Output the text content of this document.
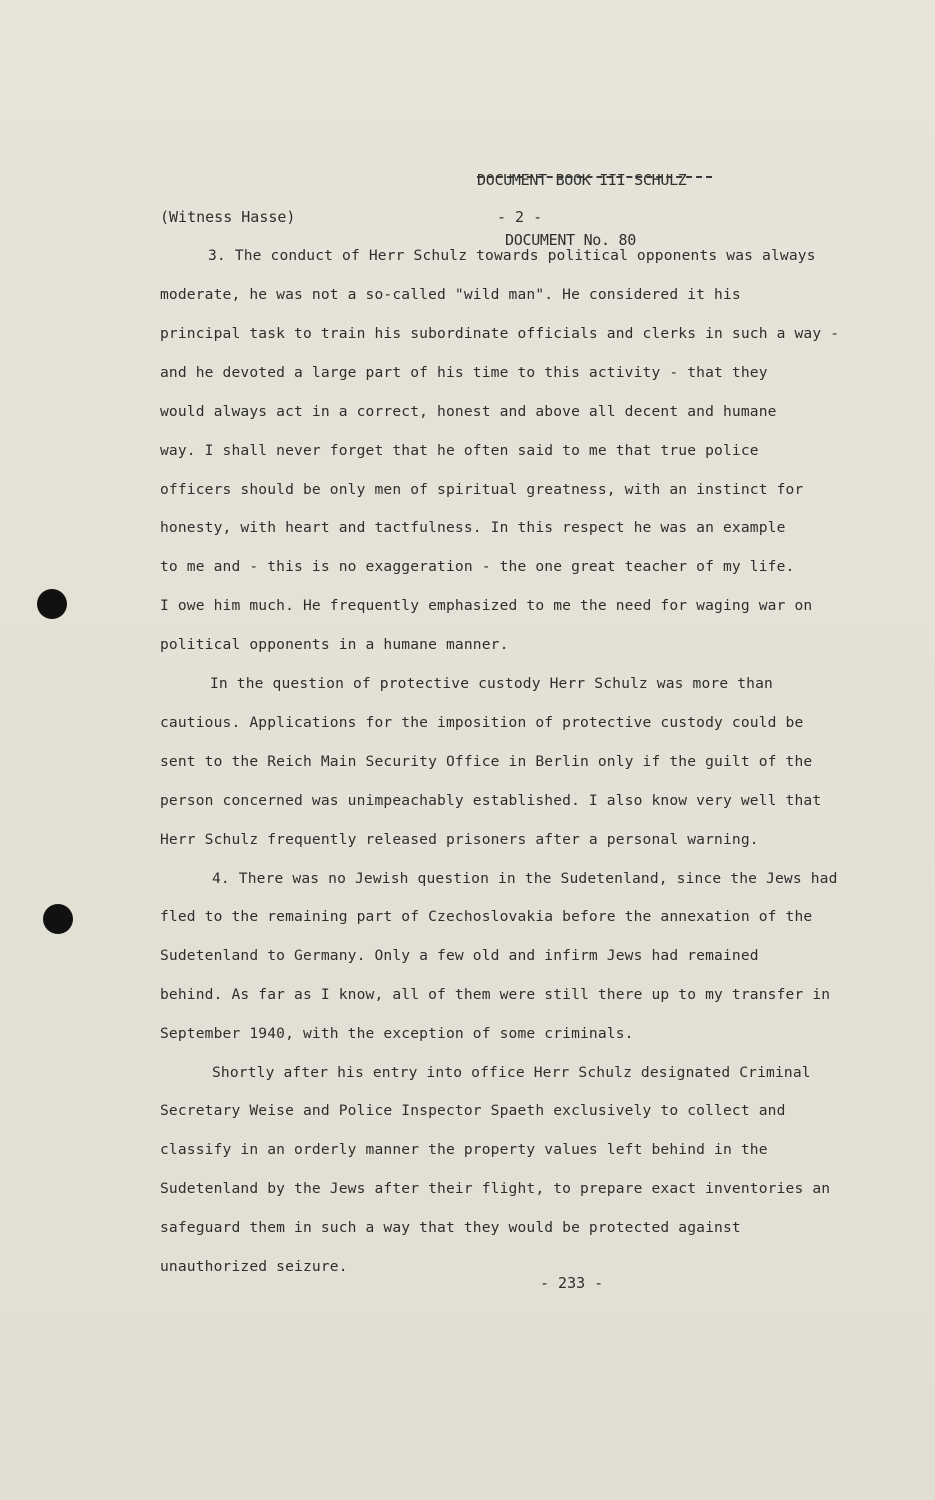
DOCUMENT BOOK III SCHULZ

DOCUMENT No. 80

(Witness Hasse)	- 2 -
3. The conduct of Herr Schulz towards political opponents was always
moderate, he was not a so-called "wild man". He considered it his
principal task to train his subordinate officials and clerks in such a way -
and he devoted a large part of his time to this activity - that they
would always act in a correct, honest and above all decent and humane
way. I shall never forget that he often said to me that true police
officers should be only men of spiritual greatness, with an instinct for
honesty, with heart and tactfulness. In this respect he was an example
to me and - this is no exaggeration - the one great teacher of my life.
I owe him much. He frequently emphasized to me the need for waging war on
political opponents in a humane manner.
In the question of protective custody Herr Schulz was more than
cautious. Applications for the imposition of protective custody could be
sent to the Reich Main Security Office in Berlin only if the guilt of the
person concerned was unimpeachably established. I also know very well that
Herr Schulz frequently released prisoners after a personal warning.
4. There was no Jewish question in the Sudetenland, since the Jews had
fled to the remaining part of Czechoslovakia before the annexation of the
Sudetenland to Germany. Only a few old and infirm Jews had remained
behind. As far as I know, all of them were still there up to my transfer in
September 1940, with the exception of some criminals.
Shortly after his entry into office Herr Schulz designated Criminal
Secretary Weise and Police Inspector Spaeth exclusively to collect and
classify in an orderly manner the property values left behind in the
Sudetenland by the Jews after their flight, to prepare exact inventories an
safeguard them in such a way that they would be protected against
unauthorized seizure.
- 233 -
